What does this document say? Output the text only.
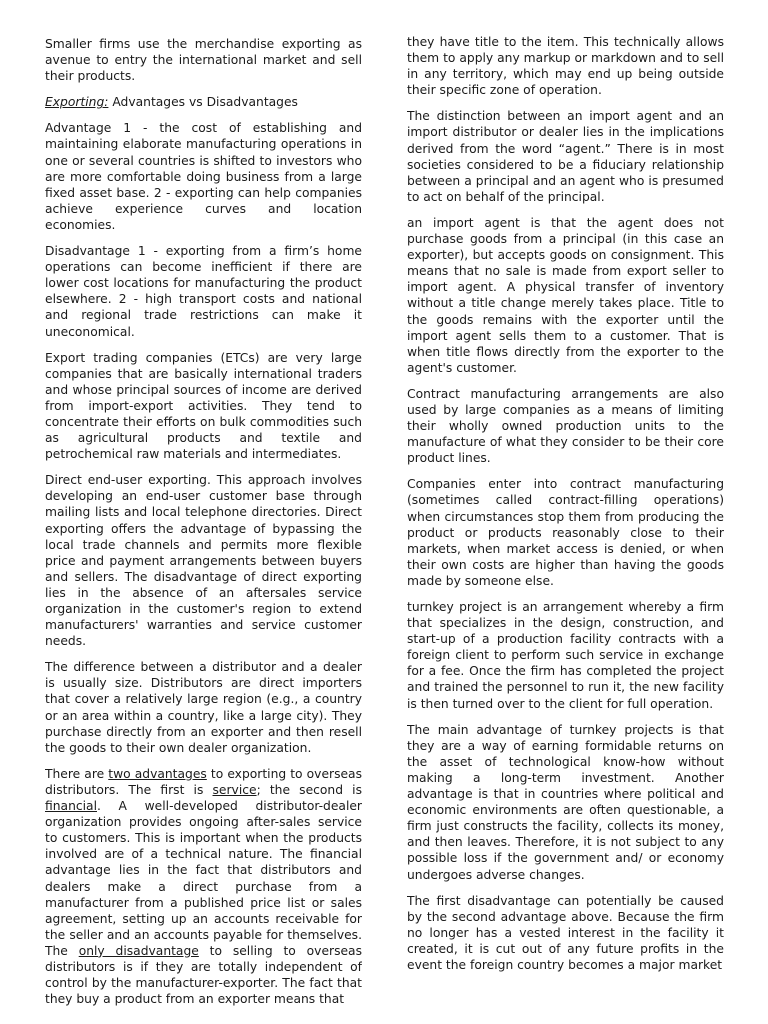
Smaller firms use the merchandise exporting as avenue to entry the international market and sell their products.

Exporting: Advantages vs Disadvantages

Advantage 1 - the cost of establishing and maintaining elaborate manufacturing operations in one or several countries is shifted to investors who are more comfortable doing business from a large fixed asset base. 2 - exporting can help companies achieve experience curves and location economies.

Disadvantage 1 - exporting from a firm’s home operations can become inefficient if there are lower cost locations for manufacturing the product elsewhere. 2 - high transport costs and national and regional trade restrictions can make it uneconomical.

Export trading companies (ETCs) are very large companies that are basically international traders and whose principal sources of income are derived from import-export activities. They tend to concentrate their efforts on bulk commodities such as agricultural products and textile and petrochemical raw materials and intermediates.

Direct end-user exporting. This approach involves developing an end-user customer base through mailing lists and local telephone directories. Direct exporting offers the advantage of bypassing the local trade channels and permits more flexible price and payment arrangements between buyers and sellers. The disadvantage of direct exporting lies in the absence of an aftersales service organization in the customer's region to extend manufacturers' warranties and service customer needs.

The difference between a distributor and a dealer is usually size. Distributors are direct importers that cover a relatively large region (e.g., a country or an area within a country, like a large city). They purchase directly from an exporter and then resell the goods to their own dealer organization.

There are two advantages to exporting to overseas distributors. The first is service; the second is financial. A well-developed distributor-dealer organization provides ongoing after-sales service to customers. This is important when the products involved are of a technical nature. The financial advantage lies in the fact that distributors and dealers make a direct purchase from a manufacturer from a published price list or sales agreement, setting up an accounts receivable for the seller and an accounts payable for themselves. The only disadvantage to selling to overseas distributors is if they are totally independent of control by the manufacturer-exporter. The fact that they buy a product from an exporter means that

they have title to the item. This technically allows them to apply any markup or markdown and to sell in any territory, which may end up being outside their specific zone of operation.

The distinction between an import agent and an import distributor or dealer lies in the implications derived from the word “agent.” There is in most societies considered to be a fiduciary relationship between a principal and an agent who is presumed to act on behalf of the principal.

an import agent is that the agent does not purchase goods from a principal (in this case an exporter), but accepts goods on consignment. This means that no sale is made from export seller to import agent. A physical transfer of inventory without a title change merely takes place. Title to the goods remains with the exporter until the import agent sells them to a customer. That is when title flows directly from the exporter to the agent's customer.

Contract manufacturing arrangements are also used by large companies as a means of limiting their wholly owned production units to the manufacture of what they consider to be their core product lines.

Companies enter into contract manufacturing (sometimes called contract-filling operations) when circumstances stop them from producing the product or products reasonably close to their markets, when market access is denied, or when their own costs are higher than having the goods made by someone else.

turnkey project is an arrangement whereby a firm that specializes in the design, construction, and start-up of a production facility contracts with a foreign client to perform such service in exchange for a fee. Once the firm has completed the project and trained the personnel to run it, the new facility is then turned over to the client for full operation.

The main advantage of turnkey projects is that they are a way of earning formidable returns on the asset of technological know-how without making a long-term investment. Another advantage is that in countries where political and economic environments are often questionable, a firm just constructs the facility, collects its money, and then leaves. Therefore, it is not subject to any possible loss if the government and/ or economy undergoes adverse changes.

The first disadvantage can potentially be caused by the second advantage above. Because the firm no longer has a vested interest in the facility it created, it is cut out of any future profits in the event the foreign country becomes a major market
